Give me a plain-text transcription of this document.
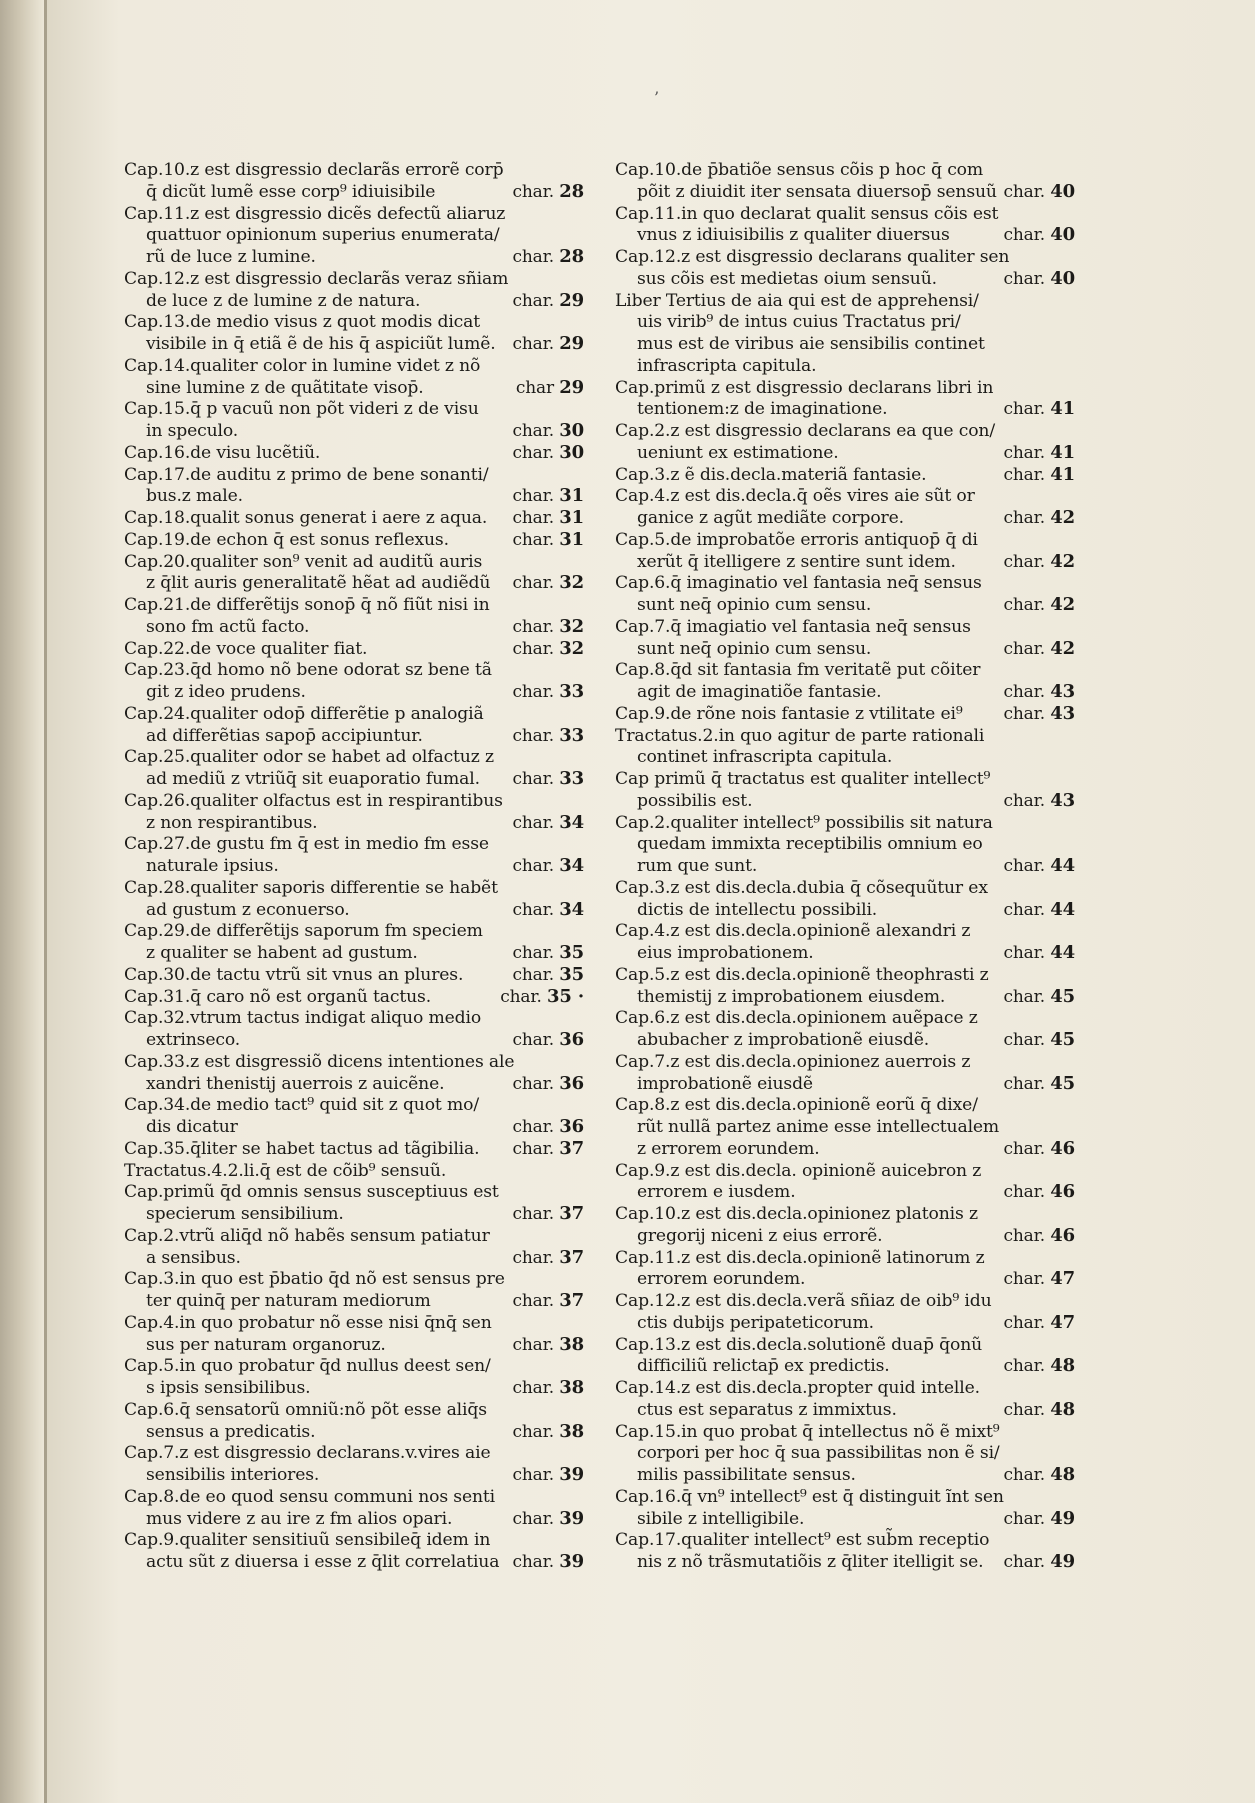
’
Cap.10.z est disgressio declarãs errorẽ corp̄
q̄ dicũt lumẽ esse corp⁹ idiuisibile	char. 28
Cap.11.z est disgressio dicẽs defectũ aliaruz
quattuor opinionum superius enumerata/
rũ de luce z lumine.	char. 28
Cap.12.z est disgressio declarãs veraz sñiam
de luce z de lumine z de natura.	char. 29
Cap.13.de medio visus z quot modis dicat
visibile in q̄ etiã ẽ de his q̄ aspiciũt lumẽ. char. 29
Cap.14.qualiter color in lumine videt z nõ
sine lumine z de quãtitate visop̄.	char 29
Cap.15.q̄ p vacuũ non põt videri z de visu
in speculo.	char. 30
Cap.16.de visu lucẽtiũ.	char. 30
Cap.17.de auditu z primo de bene sonanti/
bus.z male.	char. 31
Cap.18.qualit sonus generat i aere z aqua.	char. 31
Cap.19.de echon q̄ est sonus reflexus.	char. 31
Cap.20.qualiter son⁹ venit ad auditũ auris
z q̄lit auris generalitatẽ hẽat ad audiẽdũ	char. 32
Cap.21.de differẽtijs sonop̄ q̄ nõ fiũt nisi in
sono fm actũ facto.	char. 32
Cap.22.de voce qualiter fiat.	char. 32
Cap.23.q̄d homo nõ bene odorat sz bene tã
git z ideo prudens.	char. 33
Cap.24.qualiter odop̄ differẽtie p analogiã
ad differẽtias sapop̄ accipiuntur.	char. 33
Cap.25.qualiter odor se habet ad olfactuz z
ad mediũ z vtriũq̄ sit euaporatio fumal.	char. 33
Cap.26.qualiter olfactus est in respirantibus
z non respirantibus.	char. 34
Cap.27.de gustu fm q̄ est in medio fm esse
naturale ipsius.	char. 34
Cap.28.qualiter saporis differentie se habẽt
ad gustum z econuerso.	char. 34
Cap.29.de differẽtijs saporum fm speciem
z qualiter se habent ad gustum.	char. 35
Cap.30.de tactu vtrũ sit vnus an plures.	char. 35
Cap.31.q̄ caro nõ est organũ tactus.	char. 35 ·
Cap.32.vtrum tactus indigat aliquo medio
extrinseco.	char. 36
Cap.33.z est disgressiõ dicens intentiones ale
xandri thenistij auerrois z auicẽne.	char. 36
Cap.34.de medio tact⁹ quid sit z quot mo/
dis dicatur	char. 36
Cap.35.q̄liter se habet tactus ad tãgibilia.	char. 37
Tractatus.4.2.li.q̄ est de cõib⁹ sensuũ.
Cap.primũ q̄d omnis sensus susceptiuus est
specierum sensibilium.	char. 37
Cap.2.vtrũ aliq̄d nõ habẽs sensum patiatur
a sensibus.	char. 37
Cap.3.in quo est p̄batio q̄d nõ est sensus pre
ter quinq̄ per naturam mediorum	char. 37
Cap.4.in quo probatur nõ esse nisi q̄nq̄ sen
sus per naturam organoruz.	char. 38
Cap.5.in quo probatur q̄d nullus deest sen/
s ipsis sensibilibus.	char. 38
Cap.6.q̄ sensatorũ omniũ:nõ põt esse aliq̄s
sensus a predicatis.	char. 38
Cap.7.z est disgressio declarans.v.vires aie
sensibilis interiores.	char. 39
Cap.8.de eo quod sensu communi nos senti
mus videre z au ire z fm alios opari.	char. 39
Cap.9.qualiter sensitiuũ sensibileq̄ idem in
actu sũt z diuersa i esse z q̄lit correlatiua char. 39
Cap.10.de p̄batiõe sensus cõis p hoc q̄ com
põit z diuidit iter sensata diuersop̄ sensuũ char. 40
Cap.11.in quo declarat qualit sensus cõis est
vnus z idiuisibilis z qualiter diuersus	char. 40
Cap.12.z est disgressio declarans qualiter sen
sus cõis est medietas oium sensuũ.	char. 40
Liber Tertius de aia qui est de apprehensi/
uis virib⁹ de intus cuius Tractatus pri/
mus est de viribus aie sensibilis continet
infrascripta capitula.
Cap.primũ z est disgressio declarans libri in
tentionem:z de imaginatione.	char. 41
Cap.2.z est disgressio declarans ea que con/
ueniunt ex estimatione.	char. 41
Cap.3.z ẽ dis.decla.materiã fantasie.	char. 41
Cap.4.z est dis.decla.q̄ oẽs vires aie sũt or
ganice z agũt mediãte corpore.	char. 42
Cap.5.de improbatõe erroris antiquop̄ q̄ di
xerũt q̄ itelligere z sentire sunt idem.	char. 42
Cap.6.q̄ imaginatio vel fantasia neq̄ sensus
sunt neq̄ opinio cum sensu.	char. 42
Cap.7.q̄ imagiatio vel fantasia neq̄ sensus
sunt neq̄ opinio cum sensu.	char. 42
Cap.8.q̄d sit fantasia fm veritatẽ put cõiter
agit de imaginatiõe fantasie.	char. 43
Cap.9.de rõne nois fantasie z vtilitate ei⁹	char. 43
Tractatus.2.in quo agitur de parte rationali
continet infrascripta capitula.
Cap primũ q̄ tractatus est qualiter intellect⁹
possibilis est.	char. 43
Cap.2.qualiter intellect⁹ possibilis sit natura
quedam immixta receptibilis omnium eo
rum que sunt.	char. 44
Cap.3.z est dis.decla.dubia q̄ cõsequũtur ex
dictis de intellectu possibili.	char. 44
Cap.4.z est dis.decla.opinionẽ alexandri z
eius improbationem.	char. 44
Cap.5.z est dis.decla.opinionẽ theophrasti z
themistij z improbationem eiusdem.	char. 45
Cap.6.z est dis.decla.opinionem auẽpace z
abubacher z improbationẽ eiusdẽ.	char. 45
Cap.7.z est dis.decla.opinionez auerrois z
improbationẽ eiusdẽ	char. 45
Cap.8.z est dis.decla.opinionẽ eorũ q̄ dixe/
rũt nullã partez anime esse intellectualem
z errorem eorundem.	char. 46
Cap.9.z est dis.decla. opinionẽ auicebron z
errorem e iusdem.	char. 46
Cap.10.z est dis.decla.opinionez platonis z
gregorij niceni z eius errorẽ.	char. 46
Cap.11.z est dis.decla.opinionẽ latinorum z
errorem eorundem.	char. 47
Cap.12.z est dis.decla.verã sñiaz de oib⁹ idu
ctis dubijs peripateticorum.	char. 47
Cap.13.z est dis.decla.solutionẽ duap̄ q̄onũ
difficiliũ relictap̄ ex predictis.	char. 48
Cap.14.z est dis.decla.propter quid intelle.
ctus est separatus z immixtus.	char. 48
Cap.15.in quo probat q̄ intellectus nõ ẽ mixt⁹
corpori per hoc q̄ sua passibilitas non ẽ si/
milis passibilitate sensus.	char. 48
Cap.16.q̄ vn⁹ intellect⁹ est q̄ distinguit ĩnt sen
sibile z intelligibile.	char. 49
Cap.17.qualiter intellect⁹ est sub̃m receptio
nis z nõ trãsmutatiõis z q̄liter itelligit se.	char. 49
